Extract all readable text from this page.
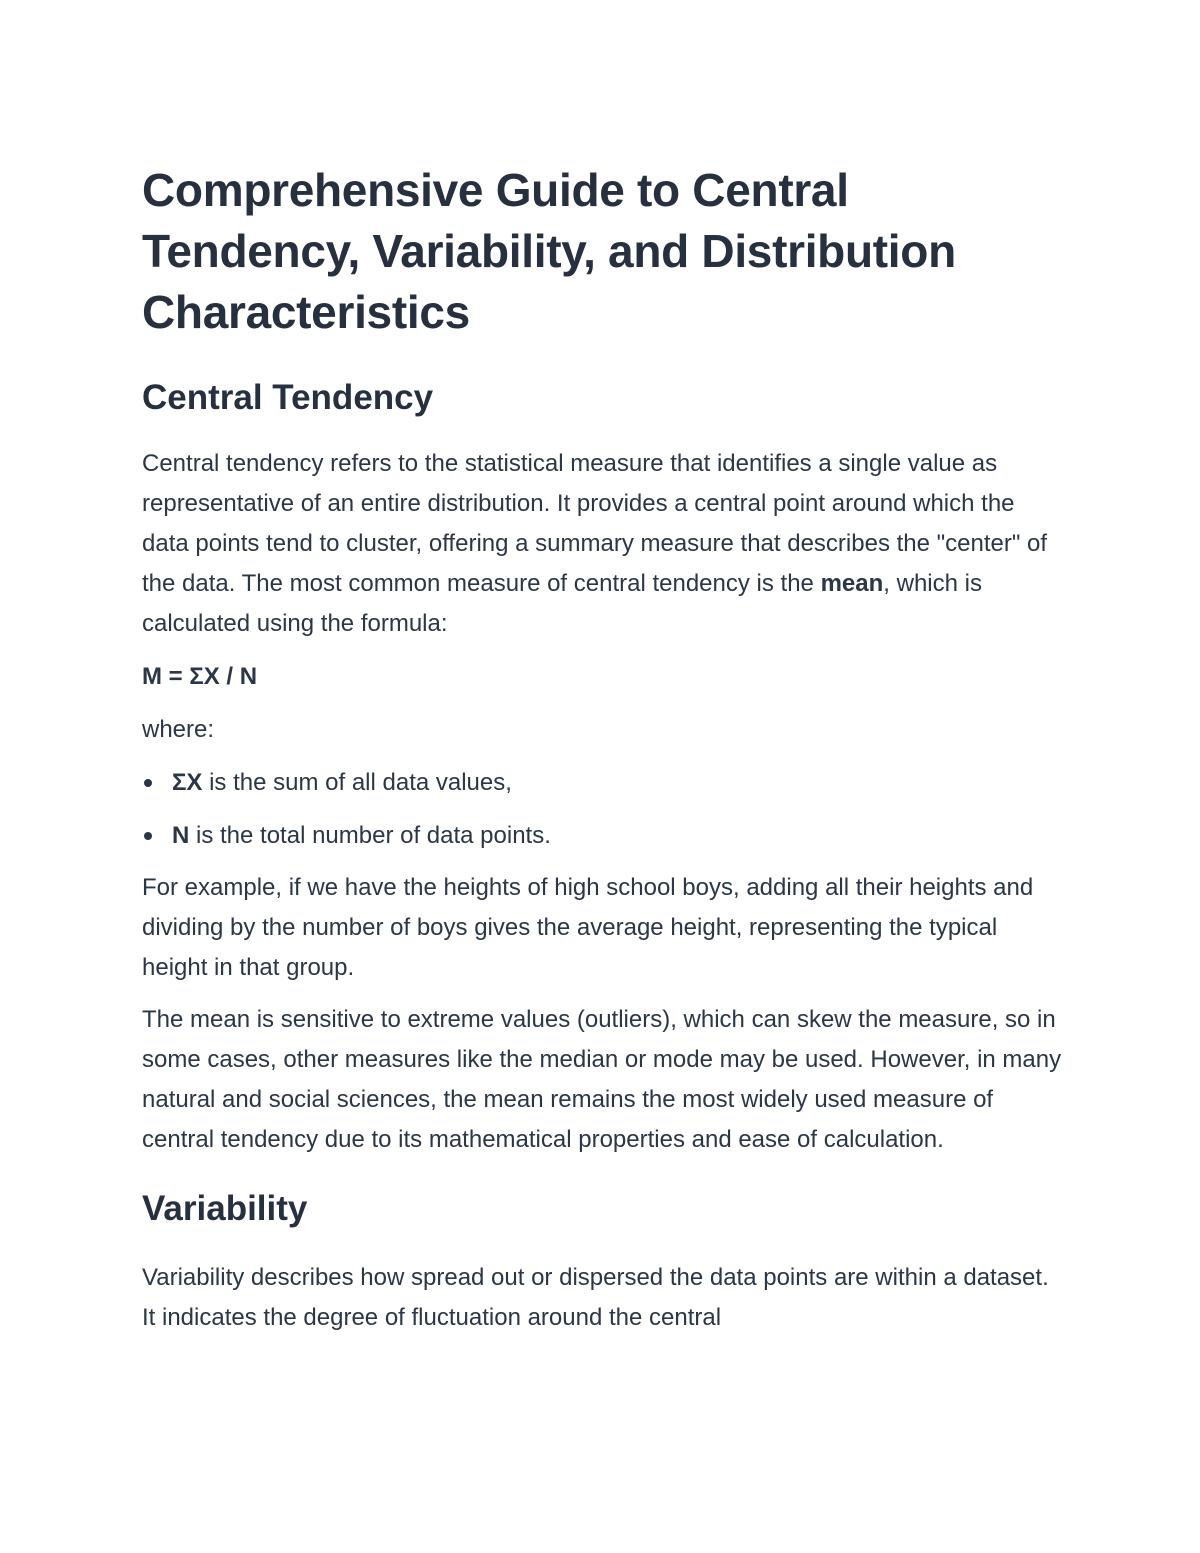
Comprehensive Guide to Central Tendency, Variability, and Distribution Characteristics
Central Tendency

Central tendency refers to the statistical measure that identifies a single value as representative of an entire distribution. It provides a central point around which the data points tend to cluster, offering a summary measure that describes the "center" of the data. The most common measure of central tendency is the mean, which is calculated using the formula:

M = ΣX / N

where:

ΣX is the sum of all data values,
N is the total number of data points.

For example, if we have the heights of high school boys, adding all their heights and dividing by the number of boys gives the average height, representing the typical height in that group.

The mean is sensitive to extreme values (outliers), which can skew the measure, so in some cases, other measures like the median or mode may be used. However, in many natural and social sciences, the mean remains the most widely used measure of central tendency due to its mathematical properties and ease of calculation.

Variability

Variability describes how spread out or dispersed the data points are within a dataset. It indicates the degree of fluctuation around the central
